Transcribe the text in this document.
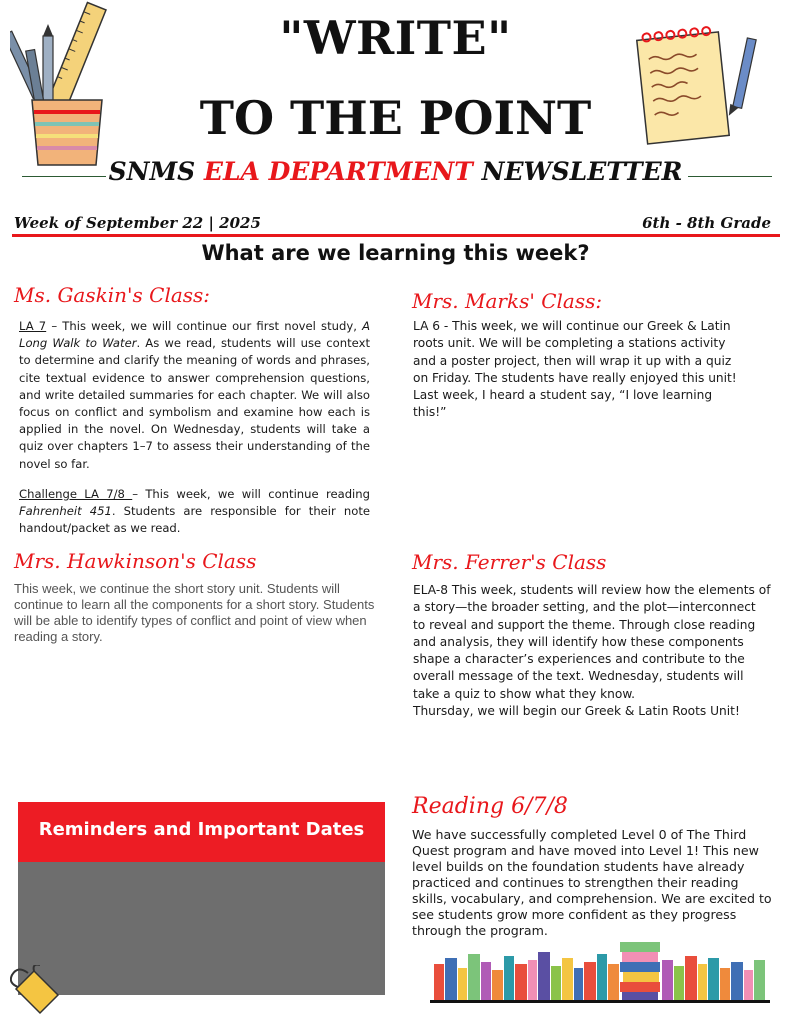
"WRITE"
TO THE POINT
SNMS ELA DEPARTMENT NEWSLETTER
Week of September 22 | 2025	6th - 8th Grade
What are we learning this week?
Ms. Gaskin's Class:
LA 7 – This week, we will continue our first novel study, A Long Walk to Water. As we read, students will use context to determine and clarify the meaning of words and phrases, cite textual evidence to answer comprehension questions, and write detailed summaries for each chapter. We will also focus on conflict and symbolism and examine how each is applied in the novel. On Wednesday, students will take a quiz over chapters 1–7 to assess their understanding of the novel so far.
Challenge LA 7/8 – This week, we will continue reading Fahrenheit 451. Students are responsible for their note handout/packet as we read.
Mrs. Marks' Class:
LA 6 - This week, we will continue our Greek & Latin roots unit. We will be completing a stations activity and a poster project, then will wrap it up with a quiz on Friday. The students have really enjoyed this unit! Last week, I heard a student say, “I love learning this!”
Mrs. Hawkinson's Class
This week, we continue the short story unit. Students will continue to learn all the components for a short story. Students will be able to identify types of conflict and point of view when reading a story.
Mrs. Ferrer's Class
ELA-8 This week, students will review how the elements of a story—the broader setting, and the plot—interconnect to reveal and support the theme. Through close reading and analysis, they will identify how these components shape a character’s experiences and contribute to the overall message of the text. Wednesday, students will take a quiz to show what they know.
Thursday, we will begin our Greek & Latin Roots Unit!
Reminders and Important Dates
Reading 6/7/8
We have successfully completed Level 0 of The Third Quest program and have moved into Level 1! This new level builds on the foundation students have already practiced and continues to strengthen their reading skills, vocabulary, and comprehension. We are excited to see students grow more confident as they progress through the program.
